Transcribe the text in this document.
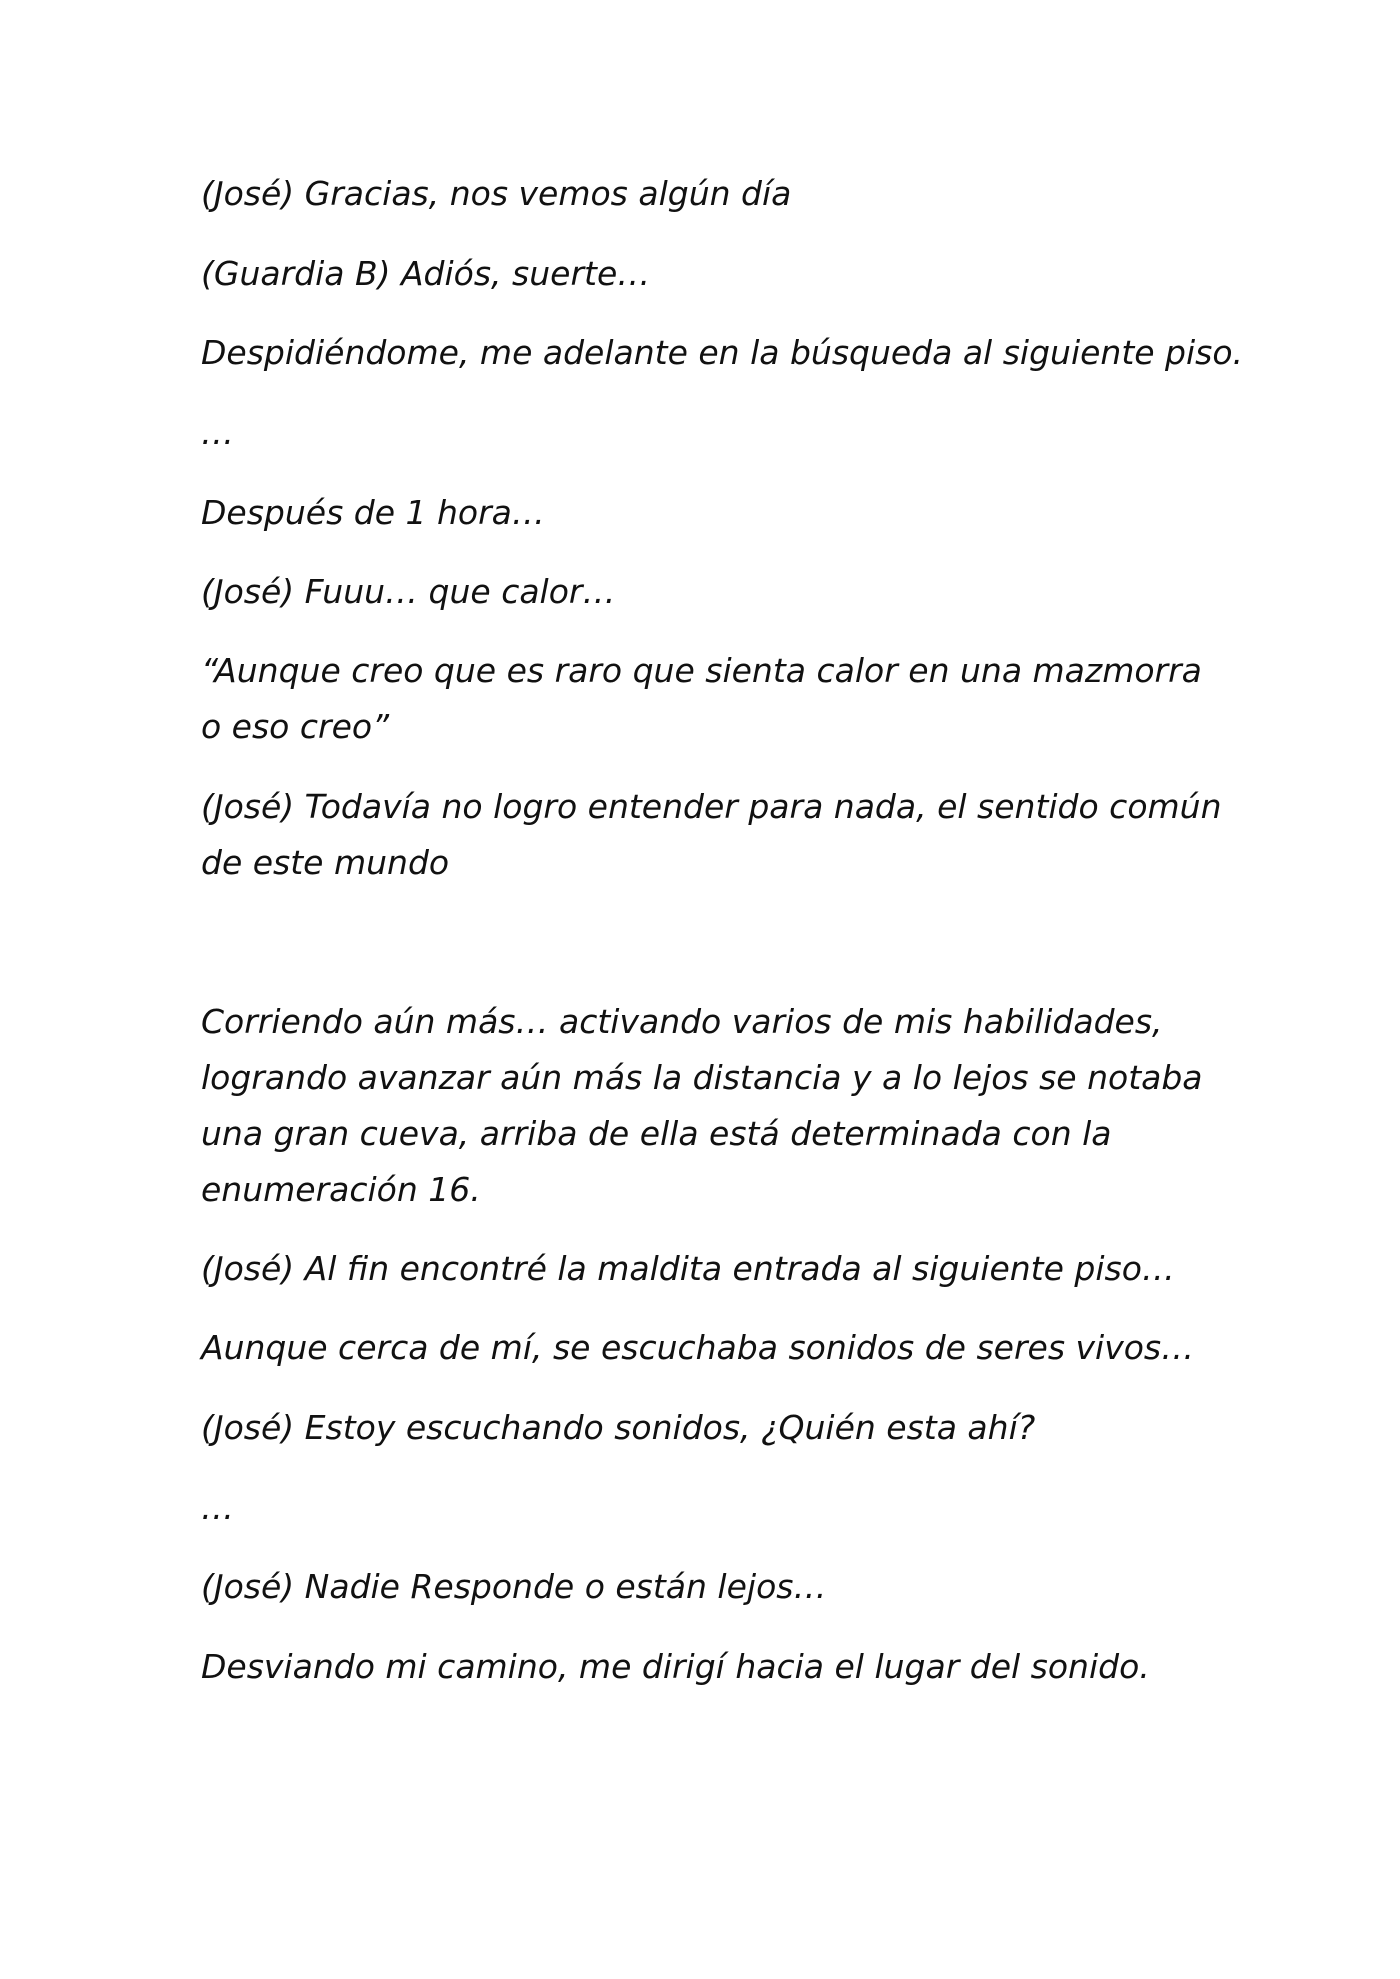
(José) Gracias, nos vemos algún día

(Guardia B) Adiós, suerte…

Despidiéndome, me adelante en la búsqueda al siguiente piso.

…

Después de 1 hora…

(José) Fuuu… que calor…

“Aunque creo que es raro que sienta calor en una mazmorra
o eso creo”

(José) Todavía no logro entender para nada, el sentido común
de este mundo

Corriendo aún más… activando varios de mis habilidades,
logrando avanzar aún más la distancia y a lo lejos se notaba
una gran cueva, arriba de ella está determinada con la
enumeración 16.

(José) Al fin encontré la maldita entrada al siguiente piso…

Aunque cerca de mí, se escuchaba sonidos de seres vivos…

(José) Estoy escuchando sonidos, ¿Quién esta ahí?

…

(José) Nadie Responde o están lejos…

Desviando mi camino, me dirigí hacia el lugar del sonido.
